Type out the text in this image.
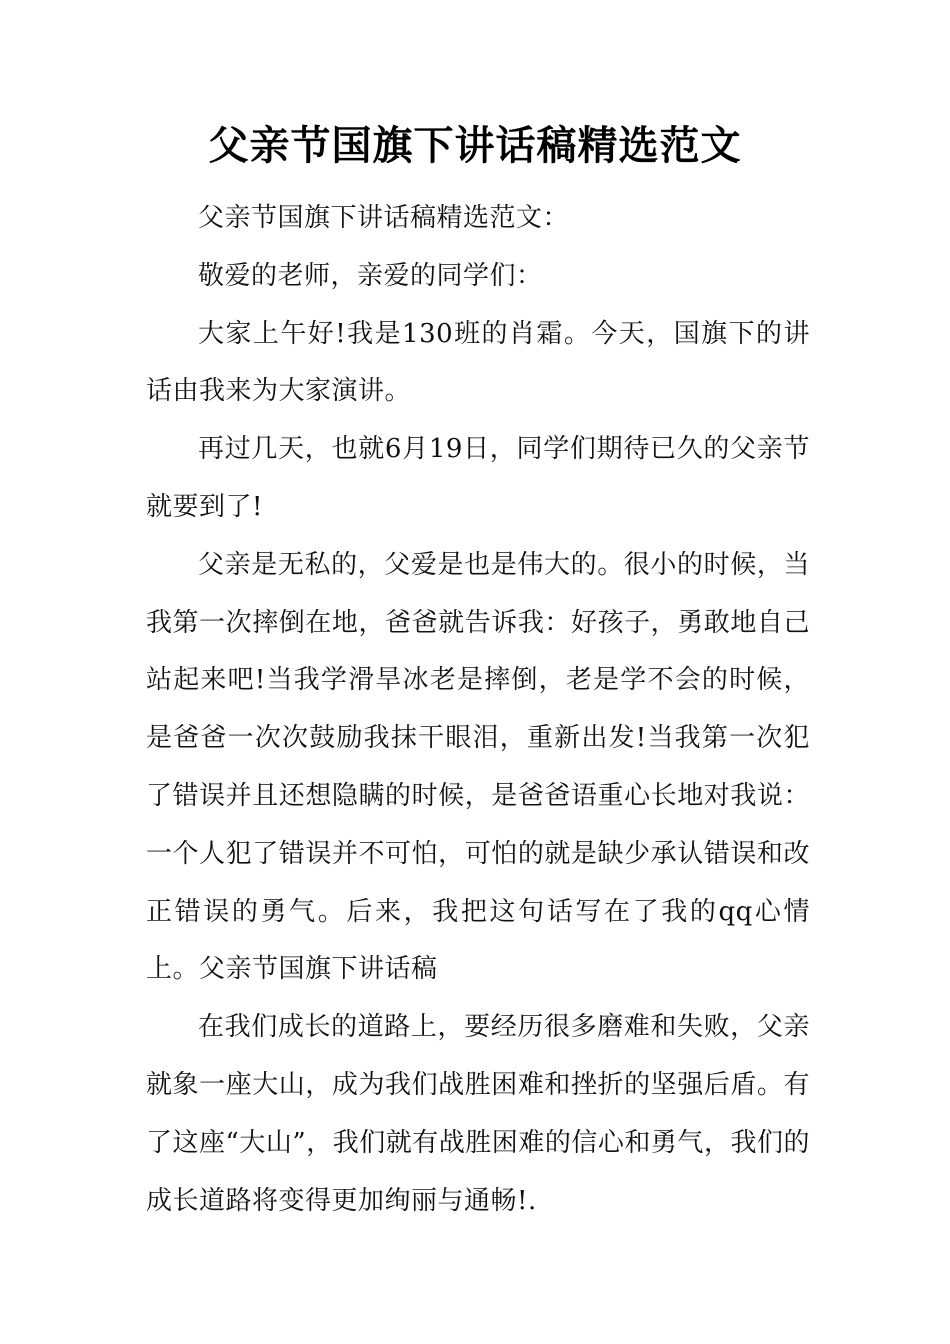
父亲节国旗下讲话稿精选范文

父亲节国旗下讲话稿精选范文：

敬爱的老师，亲爱的同学们：

大家上午好!我是130班的肖霜。今天，国旗下的讲话由我来为大家演讲。

再过几天，也就6月19日，同学们期待已久的父亲节就要到了!

父亲是无私的，父爱是也是伟大的。很小的时候，当我第一次摔倒在地，爸爸就告诉我：好孩子，勇敢地自己站起来吧!当我学滑旱冰老是摔倒，老是学不会的时候，是爸爸一次次鼓励我抹干眼泪，重新出发!当我第一次犯了错误并且还想隐瞒的时候，是爸爸语重心长地对我说：一个人犯了错误并不可怕，可怕的就是缺少承认错误和改正错误的勇气。后来，我把这句话写在了我的qq心情上。父亲节国旗下讲话稿

在我们成长的道路上，要经历很多磨难和失败，父亲就象一座大山，成为我们战胜困难和挫折的坚强后盾。有了这座“大山”，我们就有战胜困难的信心和勇气，我们的成长道路将变得更加绚丽与通畅!.
